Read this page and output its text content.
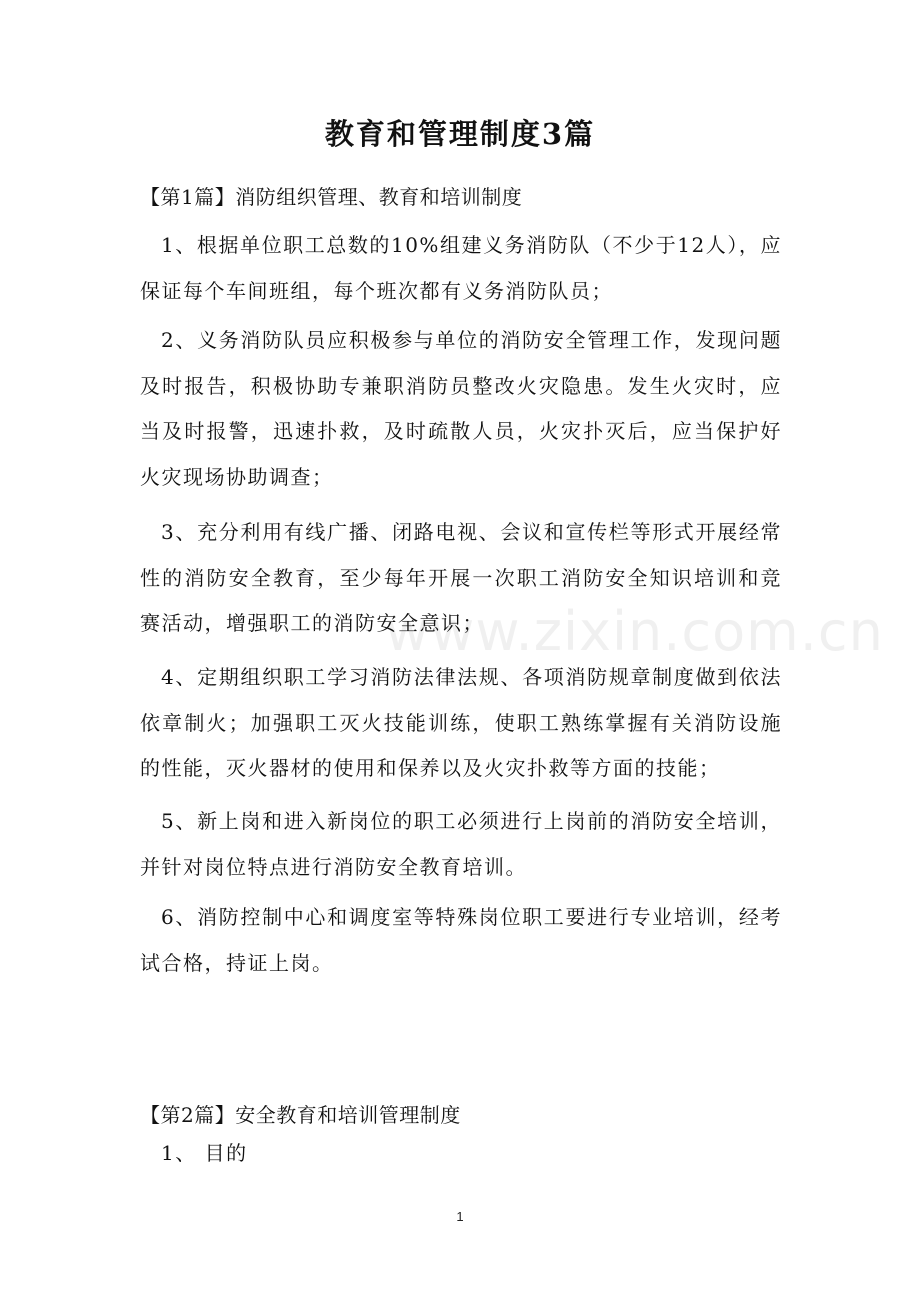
www.zixin.com.cn
教育和管理制度3篇
【第1篇】消防组织管理、教育和培训制度
1、根据单位职工总数的10%组建义务消防队（不少于12人），应保证每个车间班组，每个班次都有义务消防队员；
2、义务消防队员应积极参与单位的消防安全管理工作，发现问题及时报告，积极协助专兼职消防员整改火灾隐患。发生火灾时，应当及时报警，迅速扑救，及时疏散人员，火灾扑灭后，应当保护好火灾现场协助调查；
3、充分利用有线广播、闭路电视、会议和宣传栏等形式开展经常性的消防安全教育，至少每年开展一次职工消防安全知识培训和竞赛活动，增强职工的消防安全意识；
4、定期组织职工学习消防法律法规、各项消防规章制度做到依法依章制火；加强职工灭火技能训练，使职工熟练掌握有关消防设施的性能，灭火器材的使用和保养以及火灾扑救等方面的技能；
5、新上岗和进入新岗位的职工必须进行上岗前的消防安全培训，并针对岗位特点进行消防安全教育培训。
6、消防控制中心和调度室等特殊岗位职工要进行专业培训，经考试合格，持证上岗。
【第2篇】安全教育和培训管理制度
1、 目的
1
